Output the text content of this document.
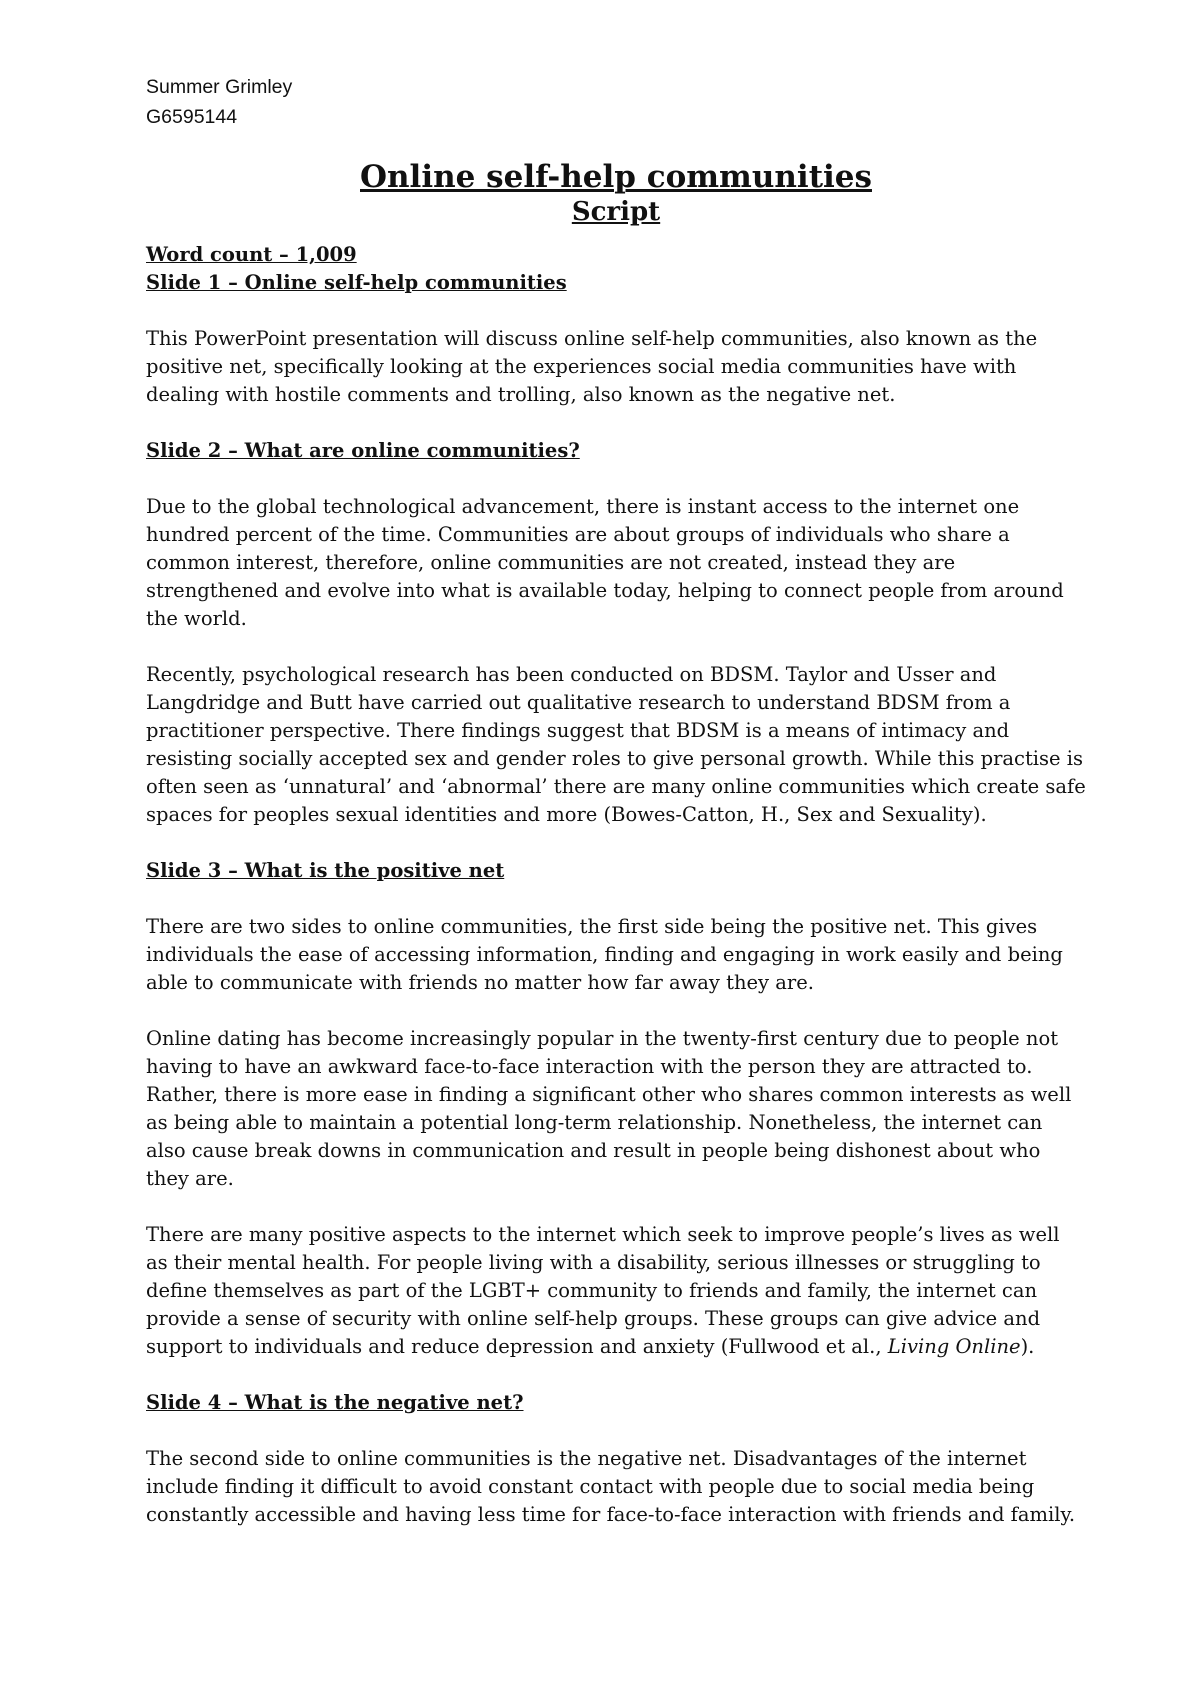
Summer Grimley
G6595144
Online self-help communities
Script
Word count – 1,009
Slide 1 – Online self-help communities

This PowerPoint presentation will discuss online self-help communities, also known as the positive net, specifically looking at the experiences social media communities have with dealing with hostile comments and trolling, also known as the negative net.

Slide 2 – What are online communities?

Due to the global technological advancement, there is instant access to the internet one hundred percent of the time. Communities are about groups of individuals who share a common interest, therefore, online communities are not created, instead they are strengthened and evolve into what is available today, helping to connect people from around the world.

Recently, psychological research has been conducted on BDSM. Taylor and Usser and Langdridge and Butt have carried out qualitative research to understand BDSM from a practitioner perspective. There findings suggest that BDSM is a means of intimacy and resisting socially accepted sex and gender roles to give personal growth. While this practise is often seen as ‘unnatural’ and ‘abnormal’ there are many online communities which create safe spaces for peoples sexual identities and more (Bowes-Catton, H., Sex and Sexuality).

Slide 3 – What is the positive net

There are two sides to online communities, the first side being the positive net. This gives individuals the ease of accessing information, finding and engaging in work easily and being able to communicate with friends no matter how far away they are.

Online dating has become increasingly popular in the twenty-first century due to people not having to have an awkward face-to-face interaction with the person they are attracted to. Rather, there is more ease in finding a significant other who shares common interests as well as being able to maintain a potential long-term relationship. Nonetheless, the internet can also cause break downs in communication and result in people being dishonest about who they are.

There are many positive aspects to the internet which seek to improve people’s lives as well as their mental health. For people living with a disability, serious illnesses or struggling to define themselves as part of the LGBT+ community to friends and family, the internet can provide a sense of security with online self-help groups. These groups can give advice and support to individuals and reduce depression and anxiety (Fullwood et al., Living Online).

Slide 4 – What is the negative net?

The second side to online communities is the negative net. Disadvantages of the internet include finding it difficult to avoid constant contact with people due to social media being constantly accessible and having less time for face-to-face interaction with friends and family.
